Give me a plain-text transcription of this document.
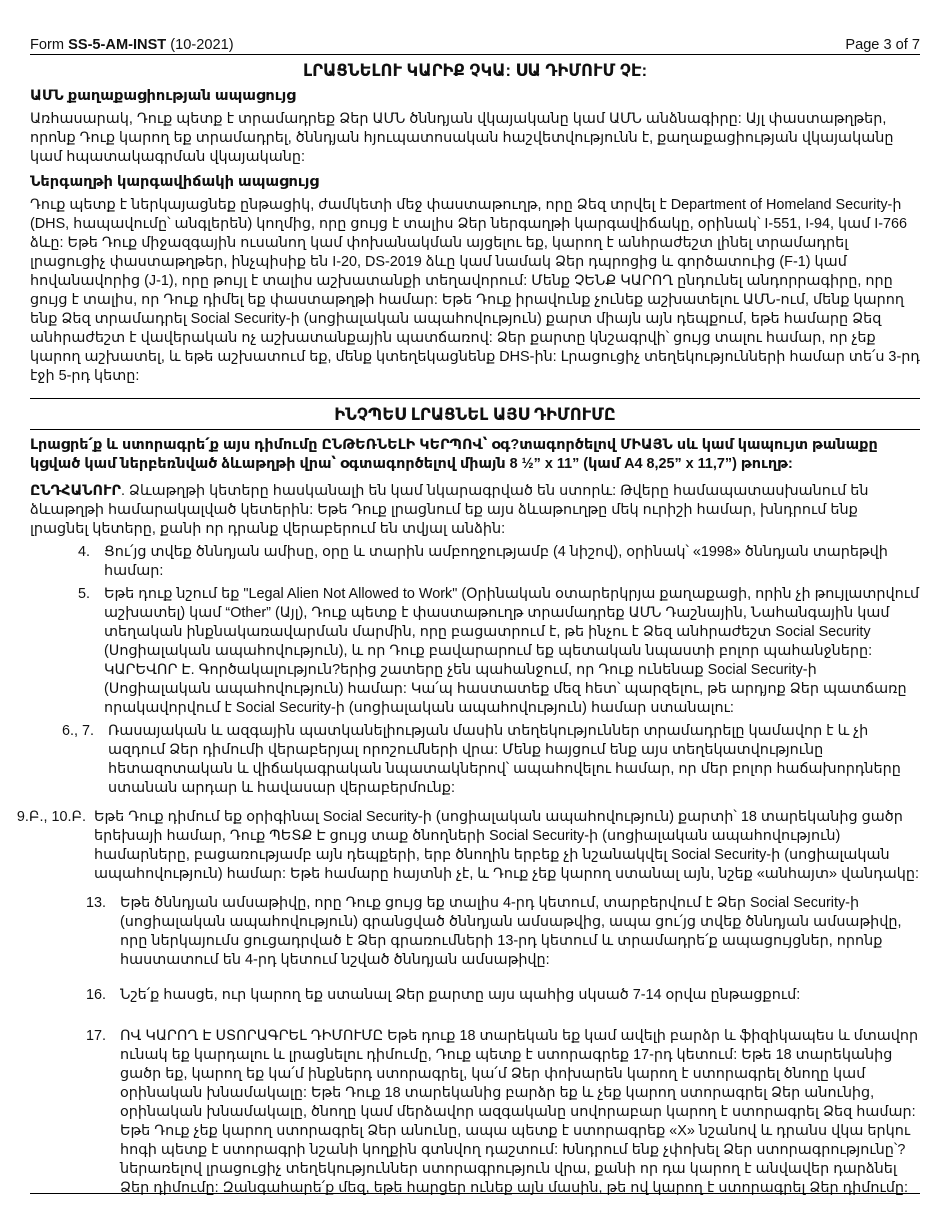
Form SS-5-AM-INST (10-2021)	Page 3 of 7
ԼՐԱՑՆԵԼՈՒ ԿԱՐԻՔ ՉԿԱ: ՍԱ ԴԻՄՈՒՄ ՉԷ:
ԱՄՆ քաղաքացիության ապացույց

Առհասարակ, Դուք պետք է տրամադրեք Ձեր ԱՄՆ ծննդյան վկայականը կամ ԱՄՆ անձնագիրը: Այլ փաստաթղթեր, որոնք Դուք կարող եք տրամադրել, ծննդյան հյուպատոսական հաշվետվությունն է, քաղաքացիության վկայականը կամ հպատակագրման վկայականը:

Ներգաղթի կարգավիճակի ապացույց

Դուք պետք է ներկայացնեք ընթացիկ, ժամկետի մեջ փաստաթուղթ, որը Ձեզ տրվել է Department of Homeland Security-ի (DHS, հապավումը՝ անգլերեն) կողմից, որը ցույց է տալիս Ձեր ներգաղթի կարգավիճակը, օրինակ՝ I-551, I-94, կամ I-766 ձևը: Եթե Դուք միջազգային ուսանող կամ փոխանակման այցելու եք, կարող է անհրաժեշտ լինել տրամադրել լրացուցիչ փաստաթղթեր, ինչպիսիք են I-20, DS-2019 ձևը կամ նամակ Ձեր դպրոցից և գործատուից (F-1) կամ հովանավորից (J-1), որը թույլ է տալիս աշխատանքի տեղավորում: Մենք ՉԵՆՔ ԿԱՐՈՂ ընդունել անդորրագիրը, որը ցույց է տալիս, որ Դուք դիմել եք փաստաթղթի համար: Եթե Դուք իրավունք չունեք աշխատելու ԱՄՆ-ում, մենք կարող ենք Ձեզ տրամադրել Social Security-ի (սոցիալական ապահովություն) քարտ միայն այն դեպքում, եթե համարը Ձեզ անհրաժեշտ է վավերական ոչ աշխատանքային պատճառով: Ձեր քարտը կնշագրվի՝ ցույց տալու համար, որ չեք կարող աշխատել, և եթե աշխատում եք, մենք կտեղեկացնենք DHS-ին: Լրացուցիչ տեղեկությունների համար տե՛ս 3-րդ էջի 5-րդ կետը:

ԻՆՉՊԵՍ ԼՐԱՑՆԵԼ ԱՅՍ ԴԻՄՈՒՄԸ

Լրացրե՛ք և ստորագրե՛ք այս դիմումը ԸՆԹԵՌՆԵԼԻ ԿԵՐՊՈՎ՝ օգ?տագործելով ՄԻԱՅՆ սև կամ կապույտ թանաքը կցված կամ ներբեռնված ձևաթղթի վրա՝ օգտագործելով միայն 8 ½” x 11” (կամ A4 8,25” x 11,7”) թուղթ:

ԸՆԴՀԱՆՈՒՐ. Ձևաթղթի կետերը հասկանալի են կամ նկարագրված են ստորև: Թվերը համապատասխանում են ձևաթղթի համարակալված կետերին: Եթե Դուք լրացնում եք այս ձևաթուղթը մեկ ուրիշի համար, խնդրում ենք լրացնել կետերը, քանի որ դրանք վերաբերում են տվյալ անձին:

4. Ցու՛յց տվեք ծննդյան ամիսը, օրը և տարին ամբողջությամբ (4 նիշով), օրինակ՝ «1998» ծննդյան տարեթվի համար:
5. Եթե դուք նշում եք "Legal Alien Not Allowed to Work" (Օրինական օտարերկրյա քաղաքացի, որին չի թույլատրվում աշխատել) կամ “Other” (Այլ), Դուք պետք է փաստաթուղթ տրամադրեք ԱՄՆ Դաշնային, Նահանգային կամ տեղական ինքնակառավարման մարմին, որը բացատրում է, թե ինչու է Ձեզ անհրաժեշտ Social Security (Սոցիալական ապահովություն), և որ Դուք բավարարում եք պետական նպաստի բոլոր պահանջները: ԿԱՐԵՎՈՐ Է. Գործակալություն?երից շատերը չեն պահանջում, որ Դուք ունենաք Social Security-ի (Սոցիալական ապահովություն) համար: Կա՛պ հաստատեք մեզ հետ՝ պարզելու, թե արդյոք Ձեր պատճառը որակավորվում է Social Security-ի (սոցիալական ապահովություն) համար ստանալու:
6., 7. Ռասայական և ազգային պատկանելիության մասին տեղեկություններ տրամադրելը կամավոր է և չի ազդում Ձեր դիմումի վերաբերյալ որոշումների վրա: Մենք հայցում ենք այս տեղեկատվությունը հետազոտական և վիճակագրական նպատակներով՝ ապահովելու համար, որ մեր բոլոր հաճախորդները ստանան արդար և հավասար վերաբերմունք:
9.Բ., 10.Բ. Եթե Դուք դիմում եք օրիգինալ Social Security-ի (սոցիալական ապահովություն) քարտի՝ 18 տարեկանից ցածր երեխայի համար, Դուք ՊԵՏՔ Է ցույց տաք ծնողների Social Security-ի (սոցիալական ապահովություն) համարները, բացառությամբ այն դեպքերի, երբ ծնողին երբեք չի նշանակվել Social Security-ի (սոցիալական ապահովություն) համար: Եթե համարը հայտնի չէ, և Դուք չեք կարող ստանալ այն, նշեք «անհայտ» վանդակը:
13. Եթե ծննդյան ամսաթիվը, որը Դուք ցույց եք տալիս 4-րդ կետում, տարբերվում է Ձեր Social Security-ի (սոցիալական ապահովություն) գրանցված ծննդյան ամսաթվից, ապա ցու՛յց տվեք ծննդյան ամսաթիվը, որը ներկայումս ցուցադրված է Ձեր գրառումների 13-րդ կետում և տրամադրե՛ք ապացույցներ, որոնք հաստատում են 4-րդ կետում նշված ծննդյան ամսաթիվը:
16. Նշե՛ք հասցե, ուր կարող եք ստանալ Ձեր քարտը այս պահից սկսած 7-14 օրվա ընթացքում:
17. ՈՎ ԿԱՐՈՂ Է ՍՏՈՐԱԳՐԵԼ ԴԻՄՈՒՄԸ Եթե դուք 18 տարեկան եք կամ ավելի բարձր և ֆիզիկապես և մտավոր ունակ եք կարդալու և լրացնելու դիմումը, Դուք պետք է ստորագրեք 17-րդ կետում: Եթե 18 տարեկանից ցածր եք, կարող եք կա՛մ ինքներդ ստորագրել, կա՛մ Ձեր փոխարեն կարող է ստորագրել ծնողը կամ օրինական խնամակալը: Եթե Դուք 18 տարեկանից բարձր եք և չեք կարող ստորագրել Ձեր անունից, օրինական խնամակալը, ծնողը կամ մերձավոր ազգականը սովորաբար կարող է ստորագրել Ձեզ համար: Եթե Դուք չեք կարող ստորագրել Ձեր անունը, ապա պետք է ստորագրեք «X» նշանով և դրանս վկա երկու հոգի պետք է ստորագրի նշանի կողքին գտնվող դաշտում: Խնդրում ենք չփոխել Ձեր ստորագրությունը՝? ներառելով լրացուցիչ տեղեկություններ ստորագրություն վրա, քանի որ դա կարող է անվավեր դարձնել Ձեր դիմումը: Զանգահարե՛ք մեզ, եթե հարցեր ունեք այն մասին, թե ով կարող է ստորագրել Ձեր դիմումը:
